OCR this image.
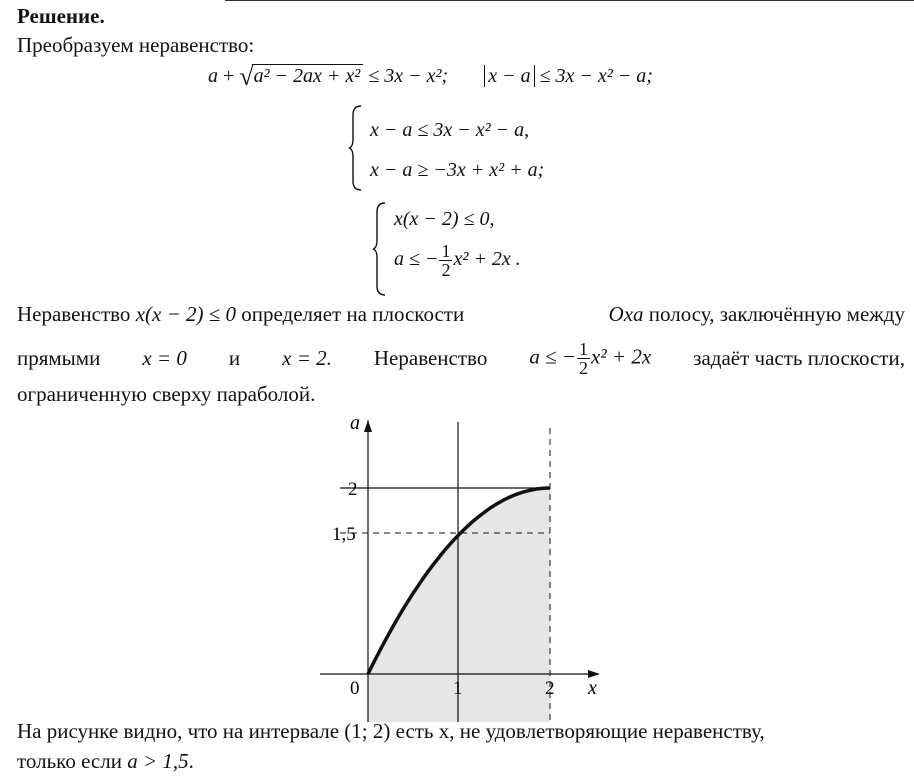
Решение.
Преобразуем неравенство:
a + √a² − 2ax + x² ≤ 3x − x²; x − a ≤ 3x − x² − a;
x − a ≤ 3x − x² − a,
x − a ≥ −3x + x² + a;
x(x − 2) ≤ 0,
a ≤ − $\frac{1}{2} x^2 + 2x$ .
Неравенство x(x − 2) ≤ 0 определяет на плоскости	Oxa полосу, заключённую между
прямыми x = 0 и x = 2. Неравенство a ≤ − $\frac{1}{2} x^2 + 2x$ задаёт часть плоскости,
ограниченную сверху параболой.
a
x
2
1,5
0	1	2
На рисунке видно, что на интервале (1; 2) есть x, не удовлетворяющие неравенству,
только если a > 1,5.
